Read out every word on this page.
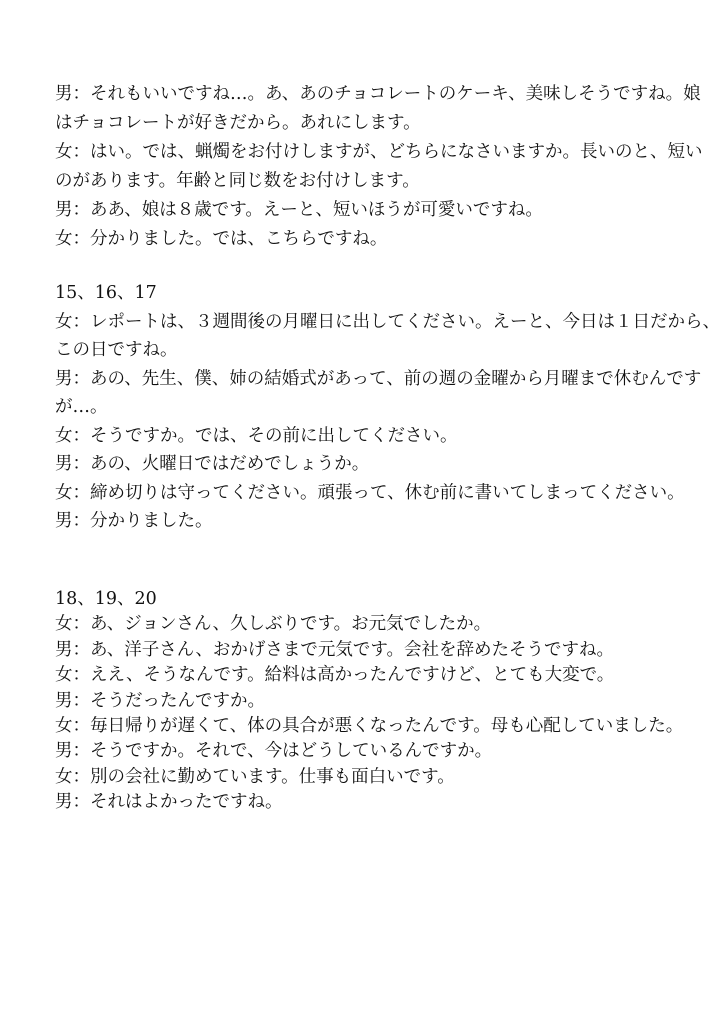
男：それもいいですね…。あ、あのチョコレートのケーキ、美味しそうですね。娘
はチョコレートが好きだから。あれにします。
女：はい。では、蝋燭をお付けしますが、どちらになさいますか。長いのと、短い
のがあります。年齢と同じ数をお付けします。
男：ああ、娘は８歳です。えーと、短いほうが可愛いですね。
女：分かりました。では、こちらですね。
15、16、17
女：レポートは、３週間後の月曜日に出してください。えーと、今日は１日だから、
この日ですね。
男：あの、先生、僕、姉の結婚式があって、前の週の金曜から月曜まで休むんです
が…。
女：そうですか。では、その前に出してください。
男：あの、火曜日ではだめでしょうか。
女：締め切りは守ってください。頑張って、休む前に書いてしまってください。
男：分かりました。
18、19、20
女：あ、ジョンさん、久しぶりです。お元気でしたか。
男：あ、洋子さん、おかげさまで元気です。会社を辞めたそうですね。
女：ええ、そうなんです。給料は高かったんですけど、とても大変で。
男：そうだったんですか。
女：毎日帰りが遅くて、体の具合が悪くなったんです。母も心配していました。
男：そうですか。それで、今はどうしているんですか。
女：別の会社に勤めています。仕事も面白いです。
男：それはよかったですね。
